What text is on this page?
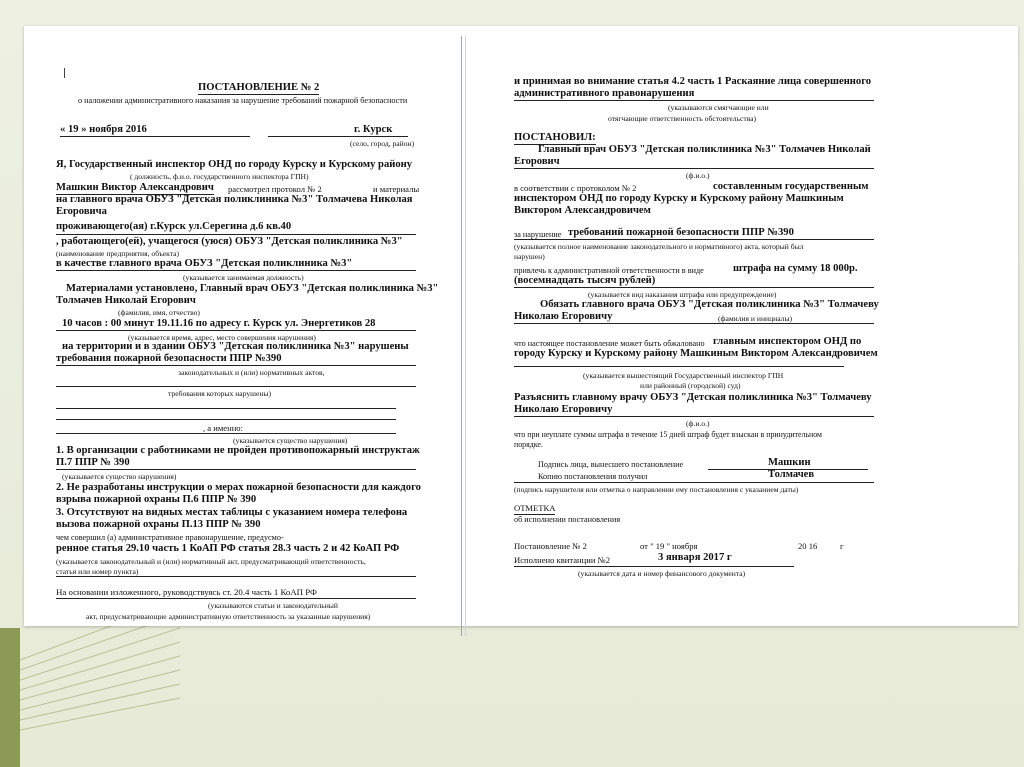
ПОСТАНОВЛЕНИЕ № 2
о наложении административного наказания за нарушение требований пожарной безопасности
« 19 » ноября 2016	г. Курск
(село, город, район)
Я, Государственный инспектор ОНД по городу Курску и Курскому району
( должность, ф.и.о. государственного инспектора ГПН)
Машкин Виктор Александрович рассмотрел протокол № 2	и материалы
на главного врача ОБУЗ "Детская поликлиника №3" Толмачева Николая
Егоровича
проживающего(ая) г.Курск ул.Серегина д.6 кв.40
, работающего(ей), учащегося (уюся) ОБУЗ "Детская поликлиника №3"
(наименование предприятия, объекта)
в качестве главного врача ОБУЗ "Детская поликлиника №3"
(указывается занимаемая должность)
Материалами установлено, Главный врач ОБУЗ "Детская поликлиника №3"
Толмачев Николай Егорович
(фамилия, имя, отчество)
10 часов : 00 минут 19.11.16 по адресу г. Курск ул. Энергетиков 28
(указывается время, адрес, место совершения нарушения)
на территории и в здании ОБУЗ "Детская поликлиника №3" нарушены
требования пожарной безопасности ППР №390
законодательных и (или) нормативных актов,
требования которых нарушены)
, а именно:
(указывается существо нарушения)
1. В организации с работниками не пройден противопожарный инструктаж
П.7 ППР № 390
(указывается существо нарушения)
2. Не разработаны инструкции о мерах пожарной безопасности для каждого
взрыва пожарной охраны П.6 ППР № 390
3. Отсутствуют на видных местах таблицы с указанием номера телефона
вызова пожарной охраны П.13 ППР № 390
чем совершил (а) административное правонарушение, предусмо-
ренное статья 29.10 часть 1 КоАП РФ статья 28.3 часть 2 и 42 КоАП РФ
(указывается законодательный и (или) нормативный акт, предусматривающий ответственность,
статья или номер пункта)
На основании изложенного, руководствуясь ст. 20.4 часть 1 КоАП РФ
(указываются статьи и законодательный
акт, предусматривающие административную ответственность за указанные нарушения)
и принимая во внимание статья 4.2 часть 1 Раскаяние лица совершенного
административного правонарушения
(указываются смягчающие или
отягчающие ответственность обстоятельства)
ПОСТАНОВИЛ:
Главный врач ОБУЗ "Детская поликлиника №3" Толмачев Николай
Егорович
(ф.и.о.)
в соответствии с протоколом № 2	составленным государственным
инспектором ОНД по городу Курску и Курскому району Машкиным
Виктором Александровичем
за нарушение требований пожарной безопасности ППР №390
(указывается полное наименование законодательного и нормативного) акта, который был
нарушен)
привлечь к административной ответственности в виде	штрафа на сумму 18 000р.
(восемнадцать тысяч рублей)
(указывается вид наказания штрафа или предупреждение)
Обязать главного врача ОБУЗ "Детская поликлиника №3" Толмачеву
Николаю Егоровичу	(фамилия и инициалы)
что настоящее постановление может быть обжаловано главным инспектором ОНД по
городу Курску и Курскому району Машкиным Виктором Александровичем
(указывается вышестоящий Государственный инспектор ГПН
или районный (городской) суд)
Разъяснить главному врачу ОБУЗ "Детская поликлиника №3" Толмачеву
Николаю Егоровичу
(ф.и.о.)
что при неуплате суммы штрафа в течение 15 дней штраф будет взыскан в принудительном
порядке.
Подпись лица, вынесшего постановление	Машкин
Копию постановления получил	Толмачев
(подпись нарушителя или отметка о направлении ему постановления с указанием даты)
ОТМЕТКА
об исполнении постановления
Постановление № 2	от " 19 " ноября	20 16	г
Исполнено квитанции №2	3 января 2017 г
(указывается дата и номер финансового документа)
